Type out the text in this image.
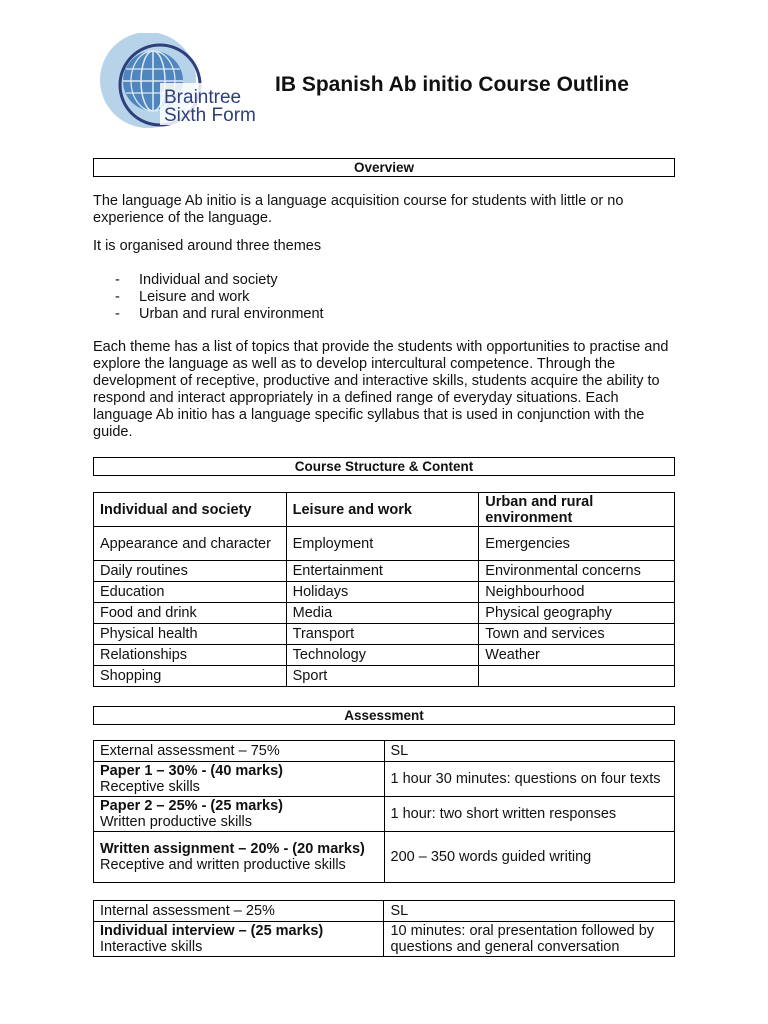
Braintree
Sixth Form
IB Spanish Ab initio Course Outline
Overview
The language Ab initio is a language acquisition course for students with little or no experience of the language.
It is organised around three themes
- Individual and society
- Leisure and work
- Urban and rural environment
Each theme has a list of topics that provide the students with opportunities to practise and explore the language as well as to develop intercultural competence. Through the development of receptive, productive and interactive skills, students acquire the ability to respond and interact appropriately in a defined range of everyday situations. Each language Ab initio has a language specific syllabus that is used in conjunction with the guide.
Course Structure & Content
Individual and society	Leisure and work	Urban and rural environment
Appearance and character	Employment	Emergencies
Daily routines	Entertainment	Environmental concerns
Education	Holidays	Neighbourhood
Food and drink	Media	Physical geography
Physical health	Transport	Town and services
Relationships	Technology	Weather
Shopping	Sport	
Assessment
External assessment – 75%	SL

Paper 1 – 30% - (40 marks)
Receptive skills	1 hour 30 minutes: questions on four texts

Paper 2 – 25% - (25 marks)
Written productive skills	1 hour: two short written responses

Written assignment – 20% - (20 marks)
Receptive and written productive skills	200 – 350 words guided writing
Internal assessment – 25%	SL

Individual interview – (25 marks)
Interactive skills	10 minutes: oral presentation followed by questions and general conversation
